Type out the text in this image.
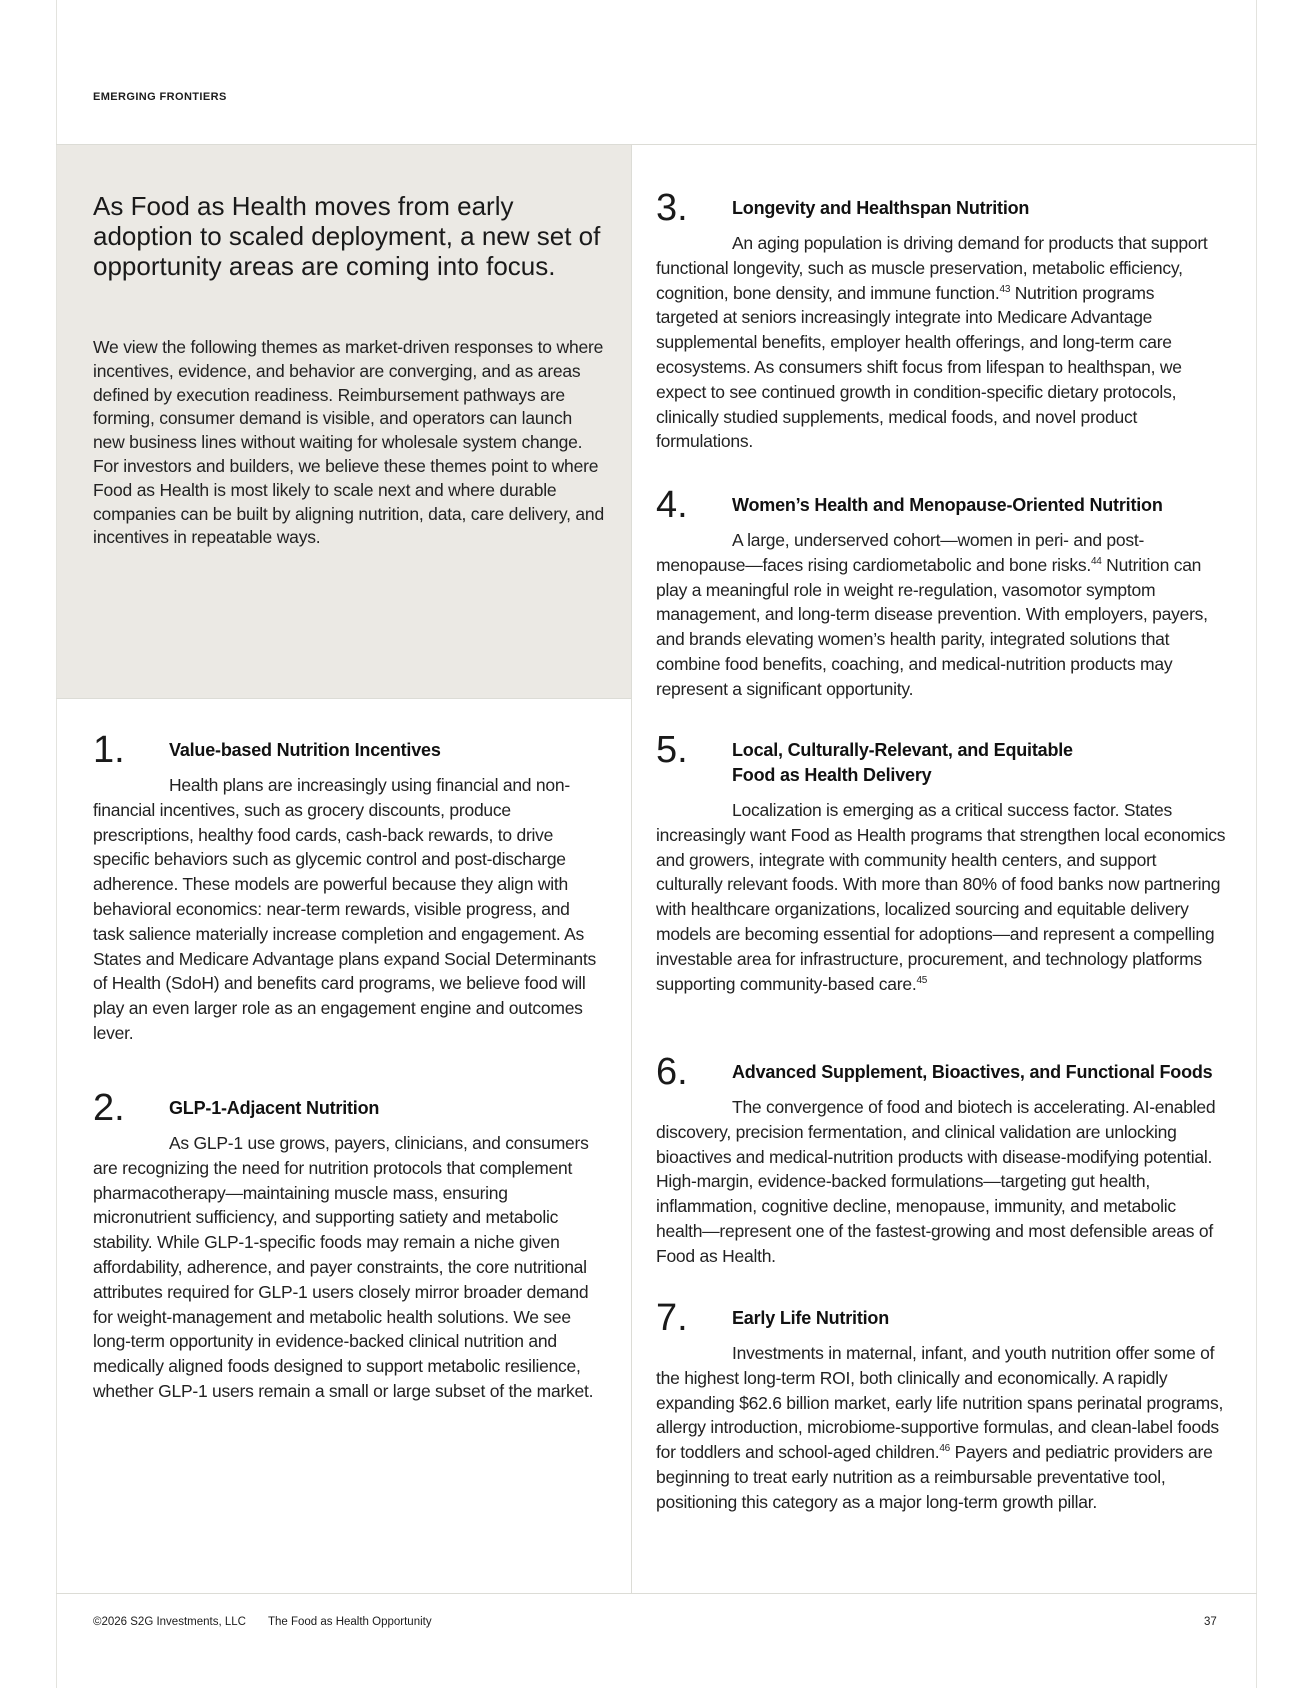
EMERGING FRONTIERS
As Food as Health moves from early adoption to scaled deployment, a new set of opportunity areas are coming into focus.

We view the following themes as market-driven responses to where incentives, evidence, and behavior are converging, and as areas defined by execution readiness. Reimbursement pathways are forming, consumer demand is visible, and operators can launch new business lines without waiting for wholesale system change. For investors and builders, we believe these themes point to where Food as Health is most likely to scale next and where durable companies can be built by aligning nutrition, data, care delivery, and incentives in repeatable ways.

1. Value-based Nutrition Incentives

Health plans are increasingly using financial and non-financial incentives, such as grocery discounts, produce prescriptions, healthy food cards, cash-back rewards, to drive specific behaviors such as glycemic control and post-discharge adherence. These models are powerful because they align with behavioral economics: near-term rewards, visible progress, and task salience materially increase completion and engagement. As States and Medicare Advantage plans expand Social Determinants of Health (SdoH) and benefits card programs, we believe food will play an even larger role as an engagement engine and outcomes lever.

2. GLP-1-Adjacent Nutrition

As GLP-1 use grows, payers, clinicians, and consumers are recognizing the need for nutrition protocols that complement pharmacotherapy—maintaining muscle mass, ensuring micronutrient sufficiency, and supporting satiety and metabolic stability. While GLP-1-specific foods may remain a niche given affordability, adherence, and payer constraints, the core nutritional attributes required for GLP-1 users closely mirror broader demand for weight-management and metabolic health solutions. We see long-term opportunity in evidence-backed clinical nutrition and medically aligned foods designed to support metabolic resilience, whether GLP-1 users remain a small or large subset of the market.

3. Longevity and Healthspan Nutrition

An aging population is driving demand for products that support functional longevity, such as muscle preservation, metabolic efficiency, cognition, bone density, and immune function.$^{43}$ Nutrition programs targeted at seniors increasingly integrate into Medicare Advantage supplemental benefits, employer health offerings, and long-term care ecosystems. As consumers shift focus from lifespan to healthspan, we expect to see continued growth in condition-specific dietary protocols, clinically studied supplements, medical foods, and novel product formulations.

4. Women’s Health and Menopause-Oriented Nutrition

A large, underserved cohort—women in peri- and post-menopause—faces rising cardiometabolic and bone risks.$^{44}$ Nutrition can play a meaningful role in weight re-regulation, vasomotor symptom management, and long-term disease prevention. With employers, payers, and brands elevating women’s health parity, integrated solutions that combine food benefits, coaching, and medical-nutrition products may represent a significant opportunity.

5. Local, Culturally-Relevant, and Equitable Food as Health Delivery

Localization is emerging as a critical success factor. States increasingly want Food as Health programs that strengthen local economics and growers, integrate with community health centers, and support culturally relevant foods. With more than 80% of food banks now partnering with healthcare organizations, localized sourcing and equitable delivery models are becoming essential for adoptions—and represent a compelling investable area for infrastructure, procurement, and technology platforms supporting community-based care.$^{45}$

6. Advanced Supplement, Bioactives, and Functional Foods

The convergence of food and biotech is accelerating. AI-enabled discovery, precision fermentation, and clinical validation are unlocking bioactives and medical-nutrition products with disease-modifying potential. High-margin, evidence-backed formulations—targeting gut health, inflammation, cognitive decline, menopause, immunity, and metabolic health—represent one of the fastest-growing and most defensible areas of Food as Health.

7. Early Life Nutrition

Investments in maternal, infant, and youth nutrition offer some of the highest long-term ROI, both clinically and economically. A rapidly expanding $62.6 billion market, early life nutrition spans perinatal programs, allergy introduction, microbiome-supportive formulas, and clean-label foods for toddlers and school-aged children.$^{46}$ Payers and pediatric providers are beginning to treat early nutrition as a reimbursable preventative tool, positioning this category as a major long-term growth pillar.

©2026 S2G Investments, LLC The Food as Health Opportunity	37
